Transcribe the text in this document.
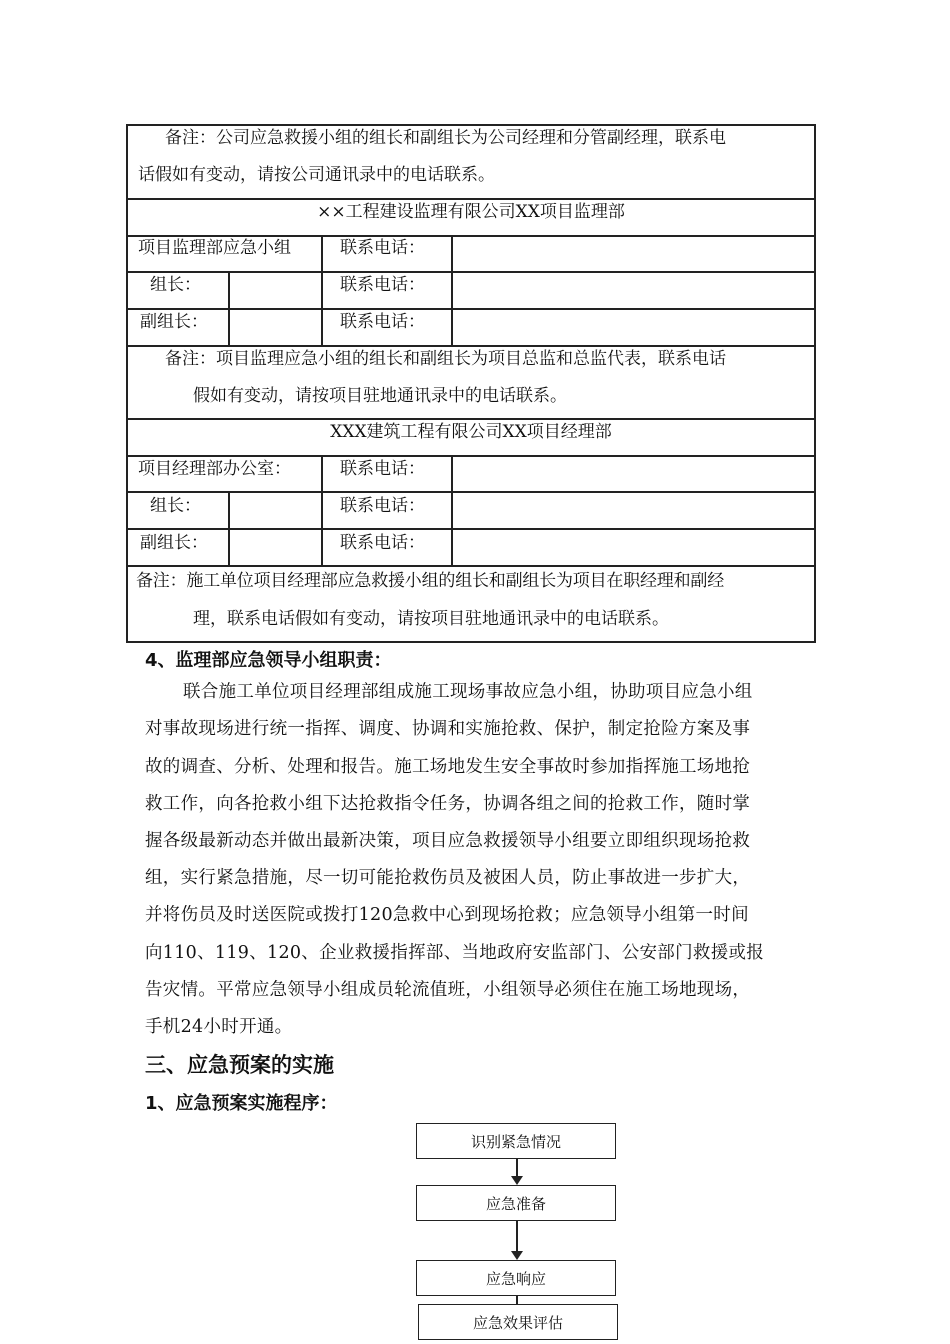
备注：公司应急救援小组的组长和副组长为公司经理和分管副经理，联系电
话假如有变动，请按公司通讯录中的电话联系。
××工程建设监理有限公司XX项目监理部
项目监理部应急小组	联系电话：
组长：	联系电话：
副组长：	联系电话：
备注：项目监理应急小组的组长和副组长为项目总监和总监代表，联系电话
假如有变动，请按项目驻地通讯录中的电话联系。
XXX建筑工程有限公司XX项目经理部
项目经理部办公室：	联系电话：
组长：	联系电话：
副组长：	联系电话：
备注：施工单位项目经理部应急救援小组的组长和副组长为项目在职经理和副经
理，联系电话假如有变动，请按项目驻地通讯录中的电话联系。
4、监理部应急领导小组职责：
联合施工单位项目经理部组成施工现场事故应急小组，协助项目应急小组
对事故现场进行统一指挥、调度、协调和实施抢救、保护，制定抢险方案及事
故的调查、分析、处理和报告。施工场地发生安全事故时参加指挥施工场地抢
救工作，向各抢救小组下达抢救指令任务，协调各组之间的抢救工作，随时掌
握各级最新动态并做出最新决策，项目应急救援领导小组要立即组织现场抢救
组，实行紧急措施，尽一切可能抢救伤员及被困人员，防止事故进一步扩大，
并将伤员及时送医院或拨打120急救中心到现场抢救；应急领导小组第一时间
向110、119、120、企业救援指挥部、当地政府安监部门、公安部门救援或报
告灾情。平常应急领导小组成员轮流值班，小组领导必须住在施工场地现场，
手机24小时开通。
三、应急预案的实施
1、应急预案实施程序：
识别紧急情况
应急准备
应急响应
应急效果评估
